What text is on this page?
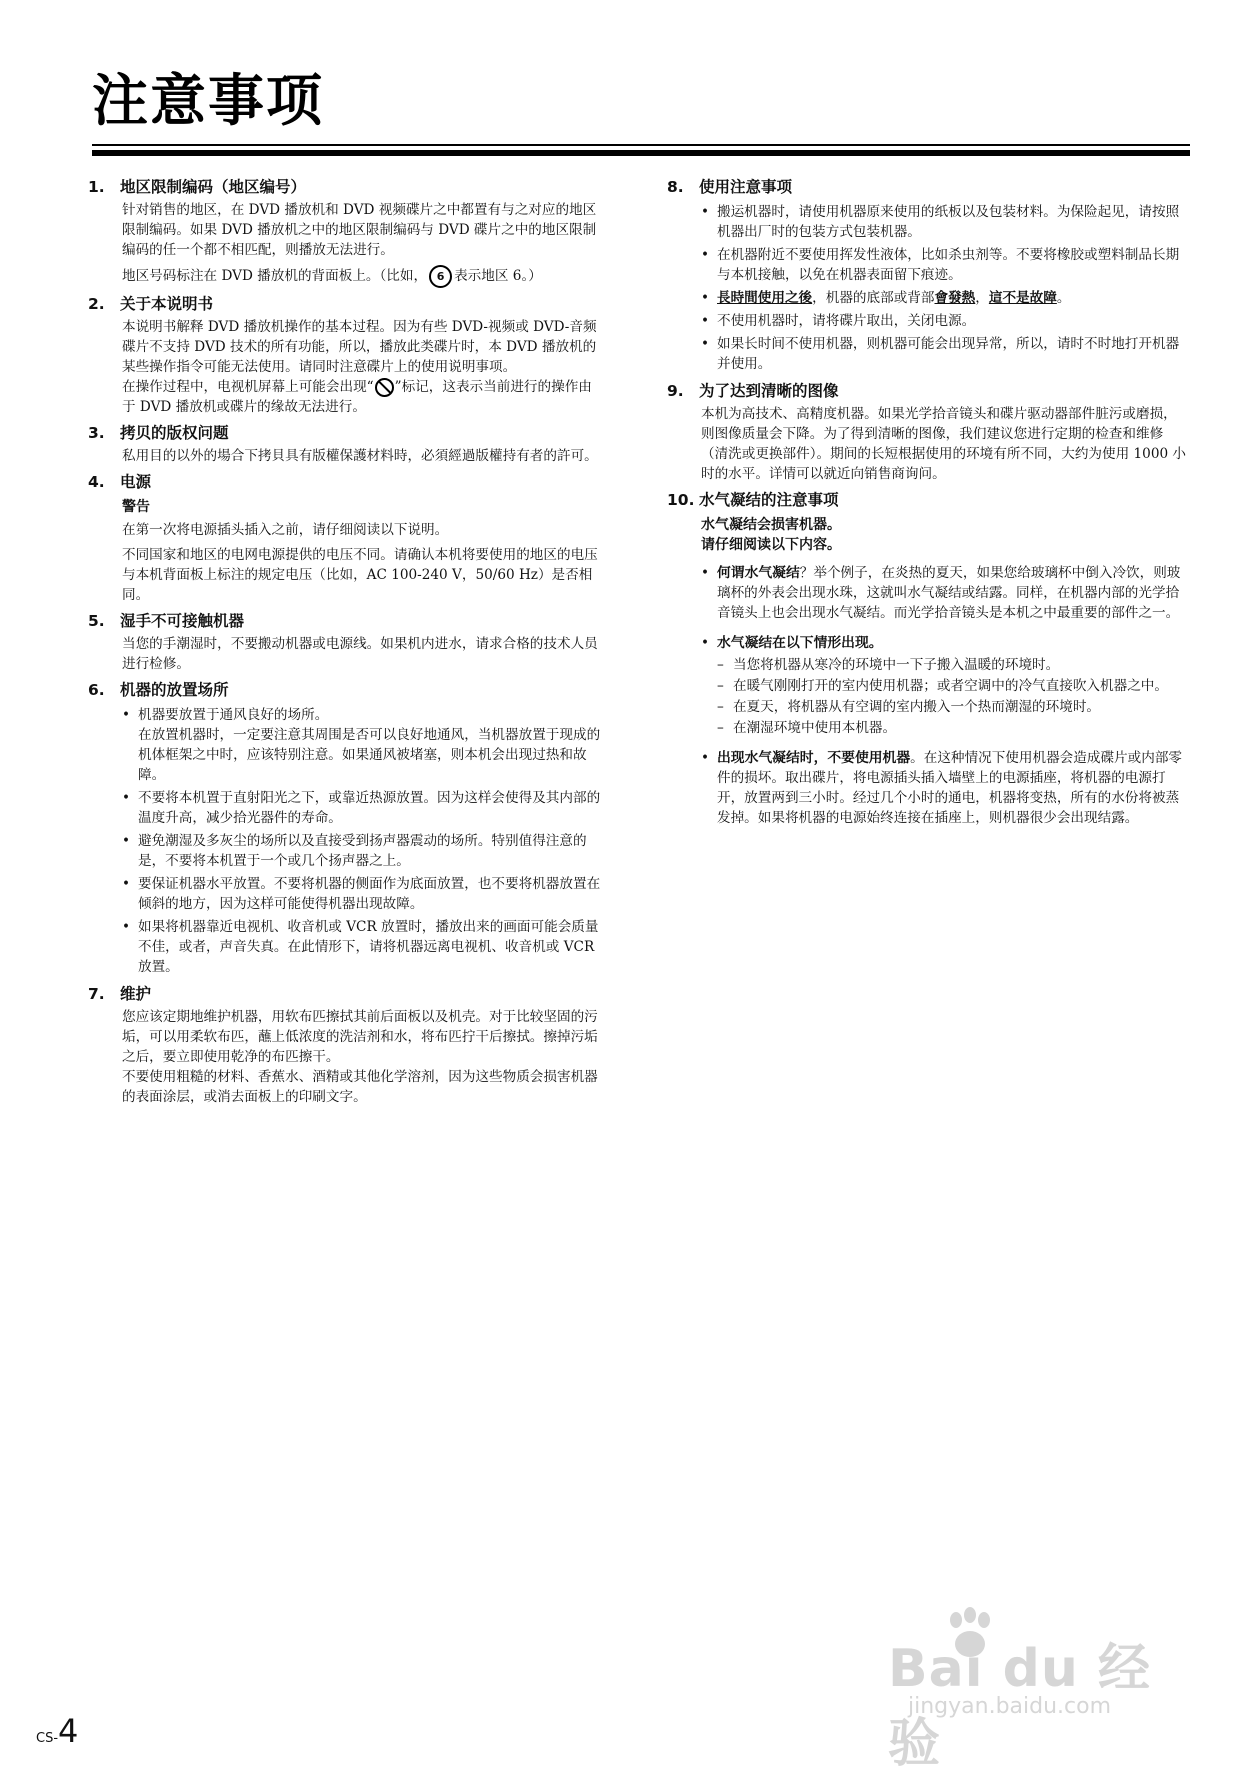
注意事项
1. 地区限制编码（地区编号）

针对销售的地区，在 DVD 播放机和 DVD 视频碟片之中都置有与之对应的地区限制编码。如果 DVD 播放机之中的地区限制编码与 DVD 碟片之中的地区限制编码的任一个都不相匹配，则播放无法进行。

地区号码标注在 DVD 播放机的背面板上。（比如， 6 表示地区 6。）

2. 关于本说明书

本说明书解释 DVD 播放机操作的基本过程。因为有些 DVD-视频或 DVD-音频碟片不支持 DVD 技术的所有功能，所以，播放此类碟片时，本 DVD 播放机的某些操作指令可能无法使用。请同时注意碟片上的使用说明事项。

在操作过程中，电视机屏幕上可能会出现“ ”标记，这表示当前进行的操作由于 DVD 播放机或碟片的缘故无法进行。

3. 拷贝的版权问题

私用目的以外的場合下拷貝具有版權保護材料時，必須經過版權持有者的許可。

4. 电源
警告

在第一次将电源插头插入之前，请仔细阅读以下说明。

不同国家和地区的电网电源提供的电压不同。请确认本机将要使用的地区的电压与本机背面板上标注的规定电压（比如，AC 100-240 V，50/60 Hz）是否相同。

5. 湿手不可接触机器

当您的手潮湿时，不要搬动机器或电源线。如果机内进水，请求合格的技术人员进行检修。

6. 机器的放置场所
• 机器要放置于通风良好的场所。
在放置机器时，一定要注意其周围是否可以良好地通风，当机器放置于现成的机体框架之中时，应该特别注意。如果通风被堵塞，则本机会出现过热和故障。
• 不要将本机置于直射阳光之下，或靠近热源放置。因为这样会使得及其内部的温度升高，减少拾光器件的寿命。
• 避免潮湿及多灰尘的场所以及直接受到扬声器震动的场所。特别值得注意的是，不要将本机置于一个或几个扬声器之上。
• 要保证机器水平放置。不要将机器的侧面作为底面放置，也不要将机器放置在倾斜的地方，因为这样可能使得机器出现故障。
• 如果将机器靠近电视机、收音机或 VCR 放置时，播放出来的画面可能会质量不佳，或者，声音失真。在此情形下，请将机器远离电视机、收音机或 VCR 放置。
7. 维护

您应该定期地维护机器，用软布匹擦拭其前后面板以及机壳。对于比较坚固的污垢，可以用柔软布匹，蘸上低浓度的洗洁剂和水，将布匹拧干后擦拭。擦掉污垢之后，要立即使用乾净的布匹擦干。

不要使用粗糙的材料、香蕉水、酒精或其他化学溶剂，因为这些物质会损害机器的表面涂层，或消去面板上的印刷文字。

8. 使用注意事项
• 搬运机器时，请使用机器原来使用的纸板以及包装材料。为保险起见，请按照机器出厂时的包装方式包装机器。
• 在机器附近不要使用挥发性液体，比如杀虫剂等。不要将橡胶或塑料制品长期与本机接触，以免在机器表面留下痕迹。
• 長時間使用之後，机器的底部或背部會發熱，這不是故障。
• 不使用机器时，请将碟片取出，关闭电源。
• 如果长时间不使用机器，则机器可能会出现异常，所以，请时不时地打开机器并使用。
9. 为了达到清晰的图像

本机为高技术、高精度机器。如果光学拾音镜头和碟片驱动器部件脏污或磨损，则图像质量会下降。为了得到清晰的图像，我们建议您进行定期的检查和维修（清洗或更换部件）。期间的长短根据使用的环境有所不同，大约为使用 1000 小时的水平。详情可以就近向销售商询问。

10. 水气凝结的注意事项
水气凝结会损害机器。
请仔细阅读以下内容。
• 何谓水气凝结？举个例子，在炎热的夏天，如果您给玻璃杯中倒入冷饮，则玻璃杯的外表会出现水珠，这就叫水气凝结或结露。同样，在机器内部的光学拾音镜头上也会出现水气凝结。而光学拾音镜头是本机之中最重要的部件之一。
• 水气凝结在以下情形出现。
– 当您将机器从寒冷的环境中一下子搬入温暖的环境时。
– 在暖气刚刚打开的室内使用机器；或者空调中的冷气直接吹入机器之中。
– 在夏天，将机器从有空调的室内搬入一个热而潮湿的环境时。
– 在潮湿环境中使用本机器。
• 出现水气凝结时，不要使用机器。在这种情况下使用机器会造成碟片或内部零件的损坏。取出碟片，将电源插头插入墙壁上的电源插座，将机器的电源打开，放置两到三小时。经过几个小时的通电，机器将变热，所有的水份将被蒸发掉。如果将机器的电源始终连接在插座上，则机器很少会出现结露。
CS-4
Bai du 经验
jingyan.baidu.com
